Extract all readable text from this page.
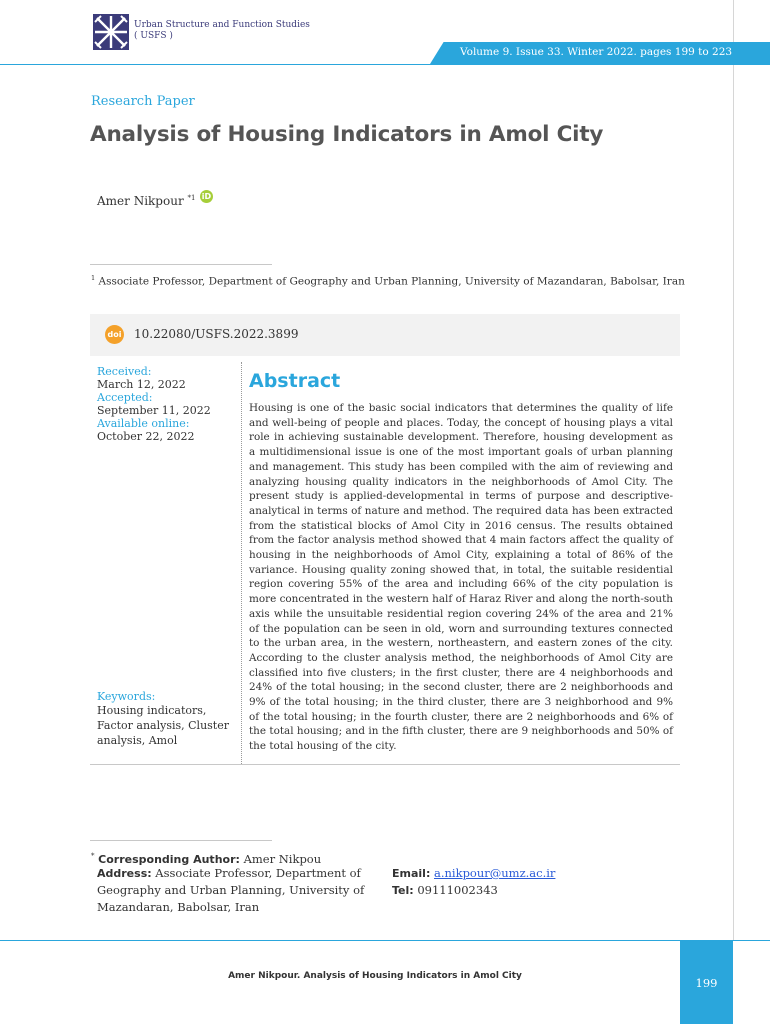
Urban Structure and Function Studies
( USFS )
Volume 9. Issue 33. Winter 2022. pages 199 to 223
Research Paper
Analysis of Housing Indicators in Amol City
Amer Nikpour $^{*1}$ iD
$^1$ Associate Professor, Department of Geography and Urban Planning, University of Mazandaran, Babolsar, Iran
doi 10.22080/USFS.2022.3899
Received:
March 12, 2022
Accepted:
September 11, 2022
Available online:
October 22, 2022
Keywords:
Housing indicators, Factor analysis, Cluster analysis, Amol
Abstract
Housing is one of the basic social indicators that determines the quality of life and well-being of people and places. Today, the concept of housing plays a vital role in achieving sustainable development. Therefore, housing development as a multidimensional issue is one of the most important goals of urban planning and management. This study has been compiled with the aim of reviewing and analyzing housing quality indicators in the neighborhoods of Amol City. The present study is applied-developmental in terms of purpose and descriptive-analytical in terms of nature and method. The required data has been extracted from the statistical blocks of Amol City in 2016 census. The results obtained from the factor analysis method showed that 4 main factors affect the quality of housing in the neighborhoods of Amol City, explaining a total of 86% of the variance. Housing quality zoning showed that, in total, the suitable residential region covering 55% of the area and including 66% of the city population is more concentrated in the western half of Haraz River and along the north-south axis while the unsuitable residential region covering 24% of the area and 21% of the population can be seen in old, worn and surrounding textures connected to the urban area, in the western, northeastern, and eastern zones of the city. According to the cluster analysis method, the neighborhoods of Amol City are classified into five clusters; in the first cluster, there are 4 neighborhoods and 24% of the total housing; in the second cluster, there are 2 neighborhoods and 9% of the total housing; in the third cluster, there are 3 neighborhood and 9% of the total housing; in the fourth cluster, there are 2 neighborhoods and 6% of the total housing; and in the fifth cluster, there are 9 neighborhoods and 50% of the total housing of the city.
* Corresponding Author: Amer Nikpou
Address: Associate Professor, Department of Geography and Urban Planning, University of Mazandaran, Babolsar, Iran
Email: a.nikpour@umz.ac.ir
Tel: 09111002343
Amer Nikpour. Analysis of Housing Indicators in Amol City	199
